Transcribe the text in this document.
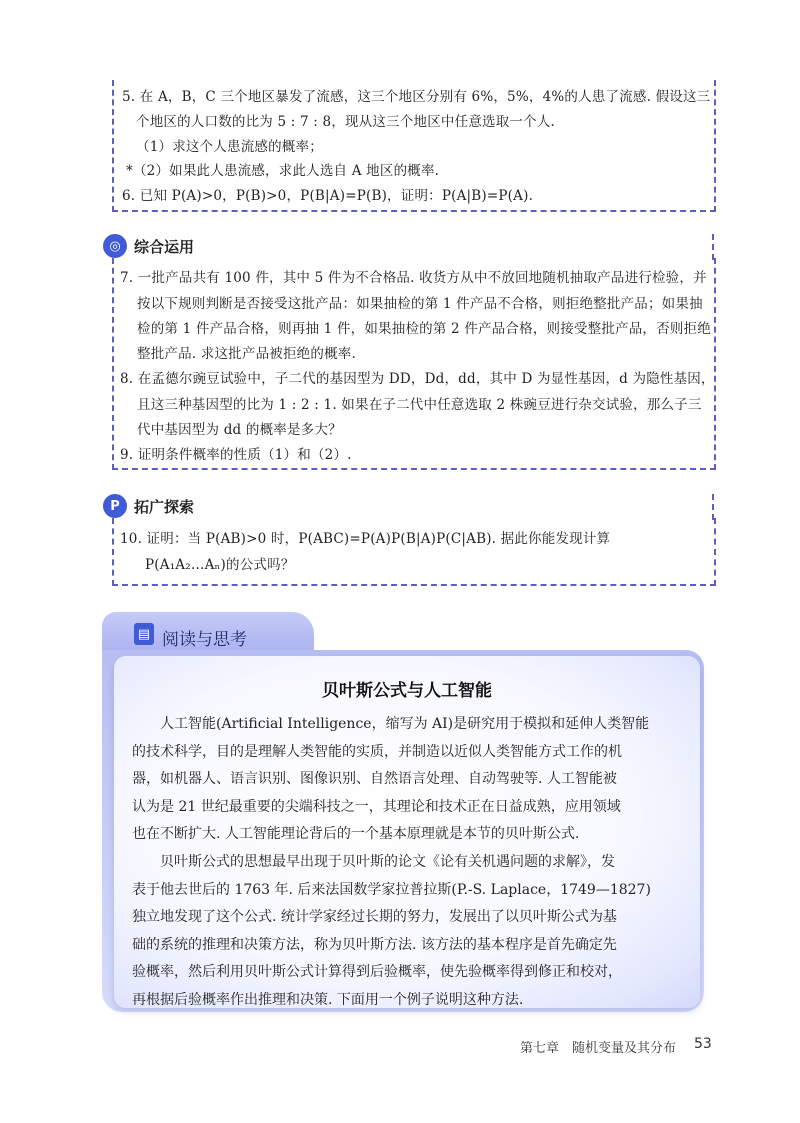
5. 在 A，B，C 三个地区暴发了流感，这三个地区分别有 6%，5%，4%的人患了流感. 假设这三
个地区的人口数的比为 5 : 7 : 8，现从这三个地区中任意选取一个人.
（1）求这个人患流感的概率；
*（2）如果此人患流感，求此人选自 A 地区的概率.
6. 已知 P(A)>0，P(B)>0，P(B|A)=P(B)，证明：P(A|B)=P(A).
◎ 综合运用
7. 一批产品共有 100 件，其中 5 件为不合格品. 收货方从中不放回地随机抽取产品进行检验，并
按以下规则判断是否接受这批产品：如果抽检的第 1 件产品不合格，则拒绝整批产品；如果抽
检的第 1 件产品合格，则再抽 1 件，如果抽检的第 2 件产品合格，则接受整批产品，否则拒绝
整批产品. 求这批产品被拒绝的概率.
8. 在孟德尔豌豆试验中，子二代的基因型为 DD，Dd，dd，其中 D 为显性基因，d 为隐性基因，
且这三种基因型的比为 1 : 2 : 1. 如果在子二代中任意选取 2 株豌豆进行杂交试验，那么子三
代中基因型为 dd 的概率是多大？
9. 证明条件概率的性质（1）和（2）.
P 拓广探索
10. 证明：当 P(AB)>0 时，P(ABC)=P(A)P(B|A)P(C|AB). 据此你能发现计算
P(A₁A₂…Aₙ)的公式吗？
▤ 阅读与思考
贝叶斯公式与人工智能
人工智能(Artificial Intelligence，缩写为 AI)是研究用于模拟和延伸人类智能
的技术科学，目的是理解人类智能的实质，并制造以近似人类智能方式工作的机
器，如机器人、语言识别、图像识别、自然语言处理、自动驾驶等. 人工智能被
认为是 21 世纪最重要的尖端科技之一，其理论和技术正在日益成熟，应用领域
也在不断扩大. 人工智能理论背后的一个基本原理就是本节的贝叶斯公式.
贝叶斯公式的思想最早出现于贝叶斯的论文《论有关机遇问题的求解》，发
表于他去世后的 1763 年. 后来法国数学家拉普拉斯(P.-S. Laplace，1749—1827)
独立地发现了这个公式. 统计学家经过长期的努力，发展出了以贝叶斯公式为基
础的系统的推理和决策方法，称为贝叶斯方法. 该方法的基本程序是首先确定先
验概率，然后利用贝叶斯公式计算得到后验概率，使先验概率得到修正和校对，
再根据后验概率作出推理和决策. 下面用一个例子说明这种方法.
第七章　随机变量及其分布 53
